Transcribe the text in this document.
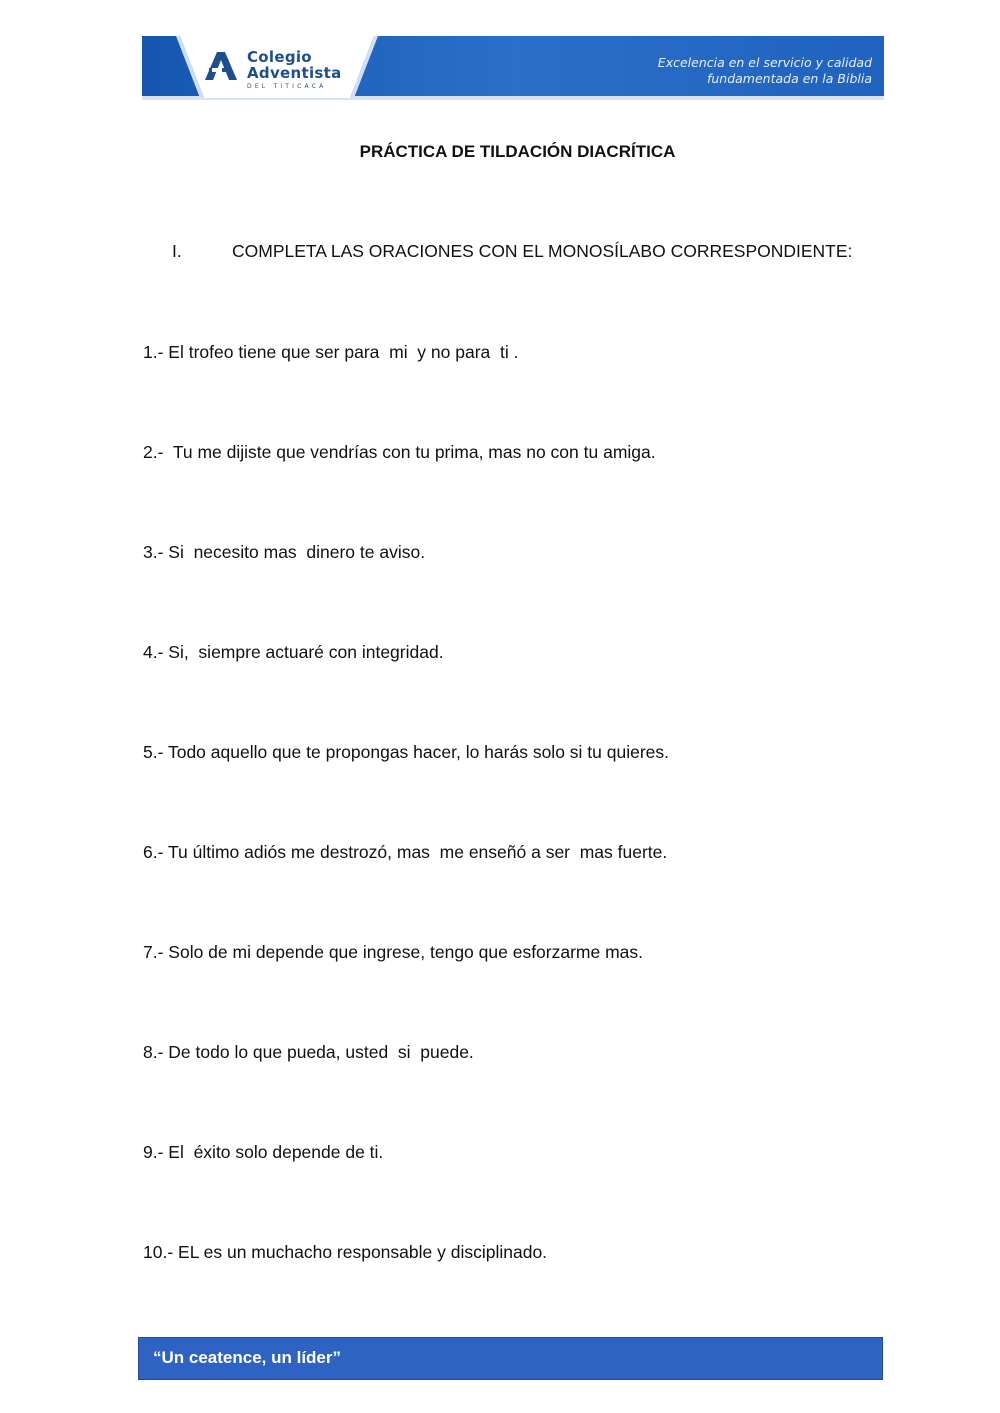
Colegio
Adventista
DEL TITICACA
Excelencia en el servicio y calidad
fundamentada en la Biblia
PRÁCTICA DE TILDACIÓN DIACRÍTICA
I.	COMPLETA LAS ORACIONES CON EL MONOSÍLABO CORRESPONDIENTE:
1.- El trofeo tiene que ser para  mi  y no para  ti .
2.-  Tu me dijiste que vendrías con tu prima, mas no con tu amiga.
3.- Si  necesito mas  dinero te aviso.
4.- Si,  siempre actuaré con integridad.
5.- Todo aquello que te propongas hacer, lo harás solo si tu quieres.
6.- Tu último adiós me destrozó, mas  me enseñó a ser  mas fuerte.
7.- Solo de mi depende que ingrese, tengo que esforzarme mas.
8.- De todo lo que pueda, usted  si  puede.
9.- El  éxito solo depende de ti.
10.- EL es un muchacho responsable y disciplinado.
“Un ceatence, un líder”
